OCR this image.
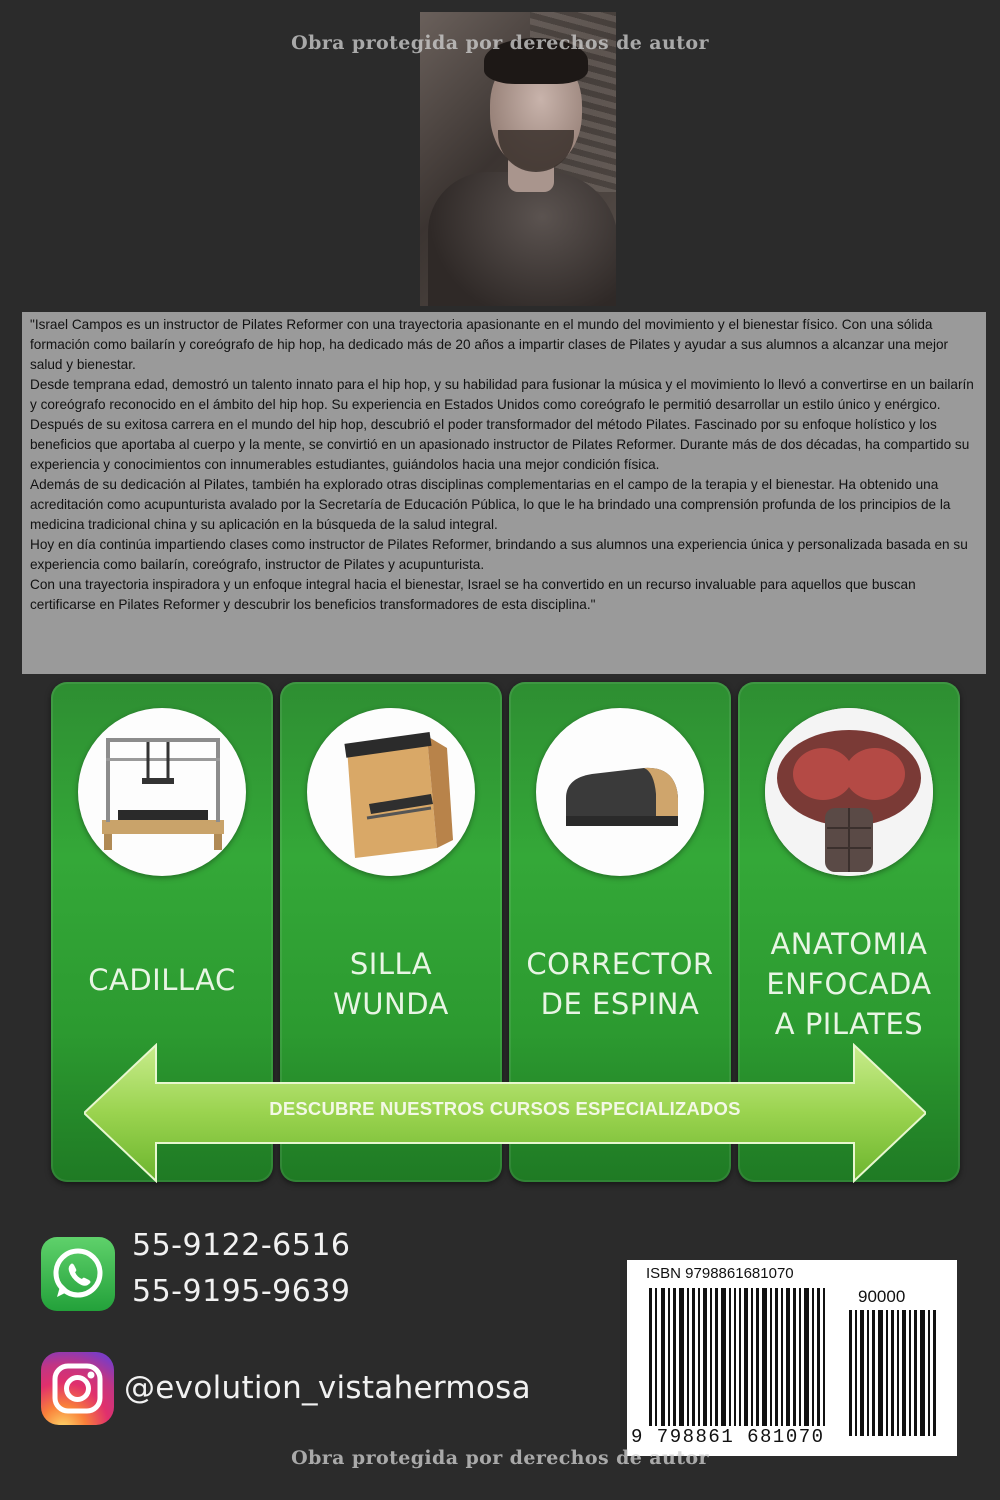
Obra protegida por derechos de autor

"Israel Campos es un instructor de Pilates Reformer con una trayectoria apasionante en el mundo del movimiento y el bienestar físico. Con una sólida formación como bailarín y coreógrafo de hip hop, ha dedicado más de 20 años a impartir clases de Pilates y ayudar a sus alumnos a alcanzar una mejor salud y bienestar.

Desde temprana edad, demostró un talento innato para el hip hop, y su habilidad para fusionar la música y el movimiento lo llevó a convertirse en un bailarín y coreógrafo reconocido en el ámbito del hip hop. Su experiencia en Estados Unidos como coreógrafo le permitió desarrollar un estilo único y enérgico.

Después de su exitosa carrera en el mundo del hip hop, descubrió el poder transformador del método Pilates. Fascinado por su enfoque holístico y los beneficios que aportaba al cuerpo y la mente, se convirtió en un apasionado instructor de Pilates Reformer. Durante más de dos décadas, ha compartido su experiencia y conocimientos con innumerables estudiantes, guiándolos hacia una mejor condición física.

Además de su dedicación al Pilates, también ha explorado otras disciplinas complementarias en el campo de la terapia y el bienestar. Ha obtenido una acreditación como acupunturista avalado por la Secretaría de Educación Pública, lo que le ha brindado una comprensión profunda de los principios de la medicina tradicional china y su aplicación en la búsqueda de la salud integral.

Hoy en día continúa impartiendo clases como instructor de Pilates Reformer, brindando a sus alumnos una experiencia única y personalizada basada en su experiencia como bailarín, coreógrafo, instructor de Pilates y acupunturista.

Con una trayectoria inspiradora y un enfoque integral hacia el bienestar, Israel se ha convertido en un recurso invaluable para aquellos que buscan certificarse en Pilates Reformer y descubrir los beneficios transformadores de esta disciplina."

CADILLAC	SILLA
WUNDA
CORRECTOR
DE ESPINA
ANATOMIA
ENFOCADA
A PILATES
DESCUBRE NUESTROS CURSOS ESPECIALIZADOS
55-9122-6516
55-9195-9639
@evolution_vistahermosa
ISBN 9798861681070
90000
9 798861 681070
Obra protegida por derechos de autor
